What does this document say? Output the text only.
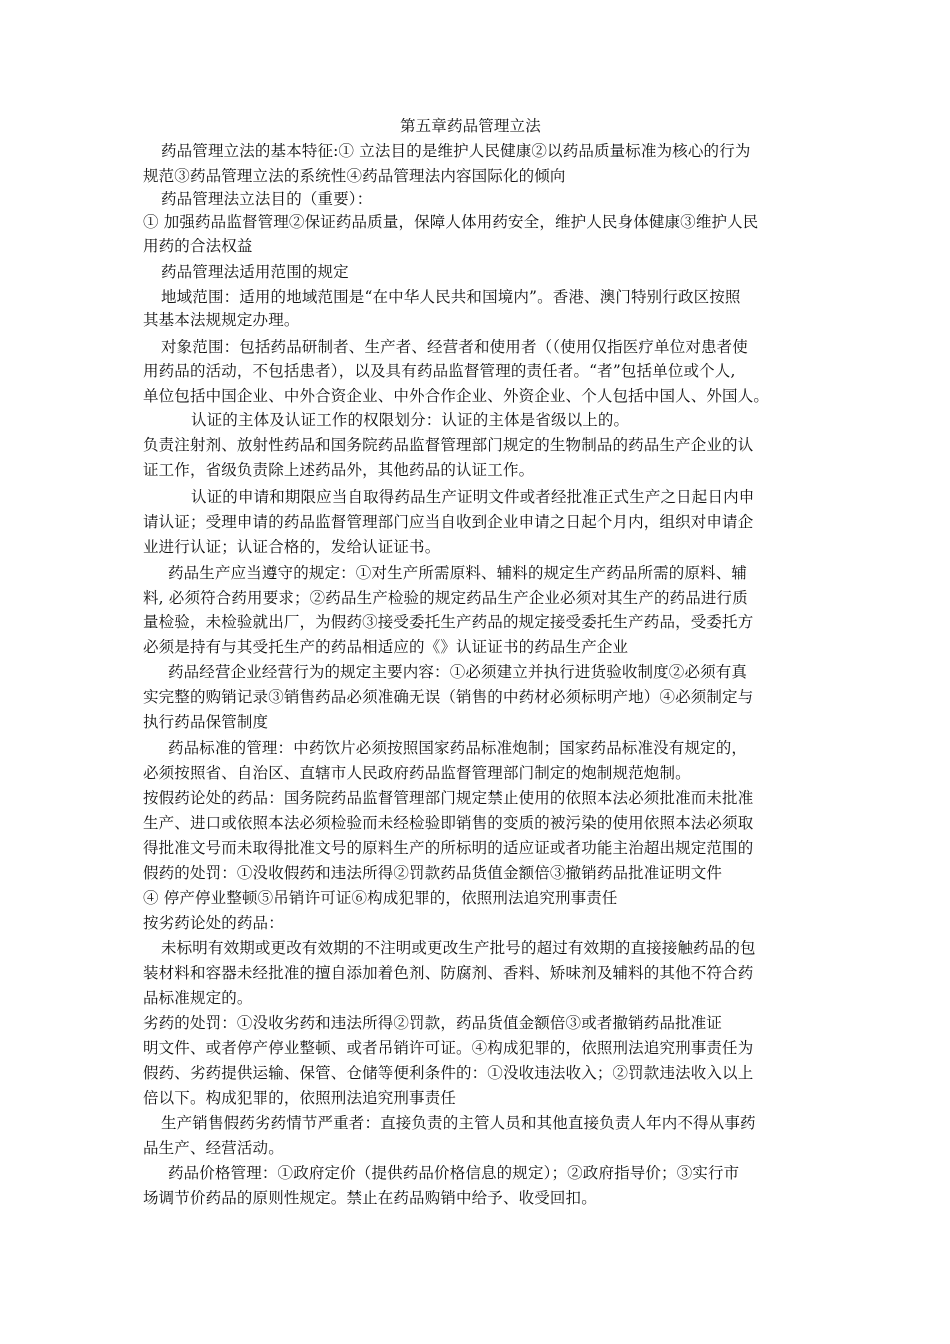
第五章药品管理立法
药品管理立法的基本特征:① 立法目的是维护人民健康②以药品质量标准为核心的行为
规范③药品管理立法的系统性④药品管理法内容国际化的倾向
药品管理法立法目的（重要）：
① 加强药品监督管理②保证药品质量，保障人体用药安全，维护人民身体健康③维护人民
用药的合法权益
药品管理法适用范围的规定
地域范围：适用的地域范围是“在中华人民共和国境内”。香港、澳门特别行政区按照
其基本法规规定办理。
对象范围：包括药品研制者、生产者、经营者和使用者（（使用仅指医疗单位对患者使
用药品的活动，不包括患者），以及具有药品监督管理的责任者。“者”包括单位或个人,
单位包括中国企业、中外合资企业、中外合作企业、外资企业、个人包括中国人、外国人。
认证的主体及认证工作的权限划分：认证的主体是省级以上的。
负责注射剂、放射性药品和国务院药品监督管理部门规定的生物制品的药品生产企业的认
证工作，省级负责除上述药品外，其他药品的认证工作。
认证的申请和期限应当自取得药品生产证明文件或者经批准正式生产之日起日内申
请认证；受理申请的药品监督管理部门应当自收到企业申请之日起个月内，组织对申请企
业进行认证；认证合格的，发给认证证书。
药品生产应当遵守的规定：①对生产所需原料、辅料的规定生产药品所需的原料、辅
料, 必须符合药用要求；②药品生产检验的规定药品生产企业必须对其生产的药品进行质
量检验，未检验就出厂，为假药③接受委托生产药品的规定接受委托生产药品，受委托方
必须是持有与其受托生产的药品相适应的《》认证证书的药品生产企业
药品经营企业经营行为的规定主要内容：①必须建立并执行进货验收制度②必须有真
实完整的购销记录③销售药品必须准确无误（销售的中药材必须标明产地）④必须制定与
执行药品保管制度
药品标准的管理：中药饮片必须按照国家药品标准炮制；国家药品标准没有规定的，
必须按照省、自治区、直辖市人民政府药品监督管理部门制定的炮制规范炮制。
按假药论处的药品：国务院药品监督管理部门规定禁止使用的依照本法必须批准而未批准
生产、进口或依照本法必须检验而未经检验即销售的变质的被污染的使用依照本法必须取
得批准文号而未取得批准文号的原料生产的所标明的适应证或者功能主治超出规定范围的
假药的处罚：①没收假药和违法所得②罚款药品货值金额倍③撤销药品批准证明文件
④ 停产停业整顿⑤吊销许可证⑥构成犯罪的，依照刑法追究刑事责任
按劣药论处的药品：
未标明有效期或更改有效期的不注明或更改生产批号的超过有效期的直接接触药品的包
装材料和容器未经批准的擅自添加着色剂、防腐剂、香料、矫味剂及辅料的其他不符合药
品标准规定的。
劣药的处罚：①没收劣药和违法所得②罚款，药品货值金额倍③或者撤销药品批准证
明文件、或者停产停业整顿、或者吊销许可证。④构成犯罪的，依照刑法追究刑事责任为
假药、劣药提供运输、保管、仓储等便利条件的：①没收违法收入；②罚款违法收入以上
倍以下。构成犯罪的，依照刑法追究刑事责任
生产销售假药劣药情节严重者：直接负责的主管人员和其他直接负责人年内不得从事药
品生产、经营活动。
药品价格管理：①政府定价（提供药品价格信息的规定）；②政府指导价；③实行市
场调节价药品的原则性规定。禁止在药品购销中给予、收受回扣。
